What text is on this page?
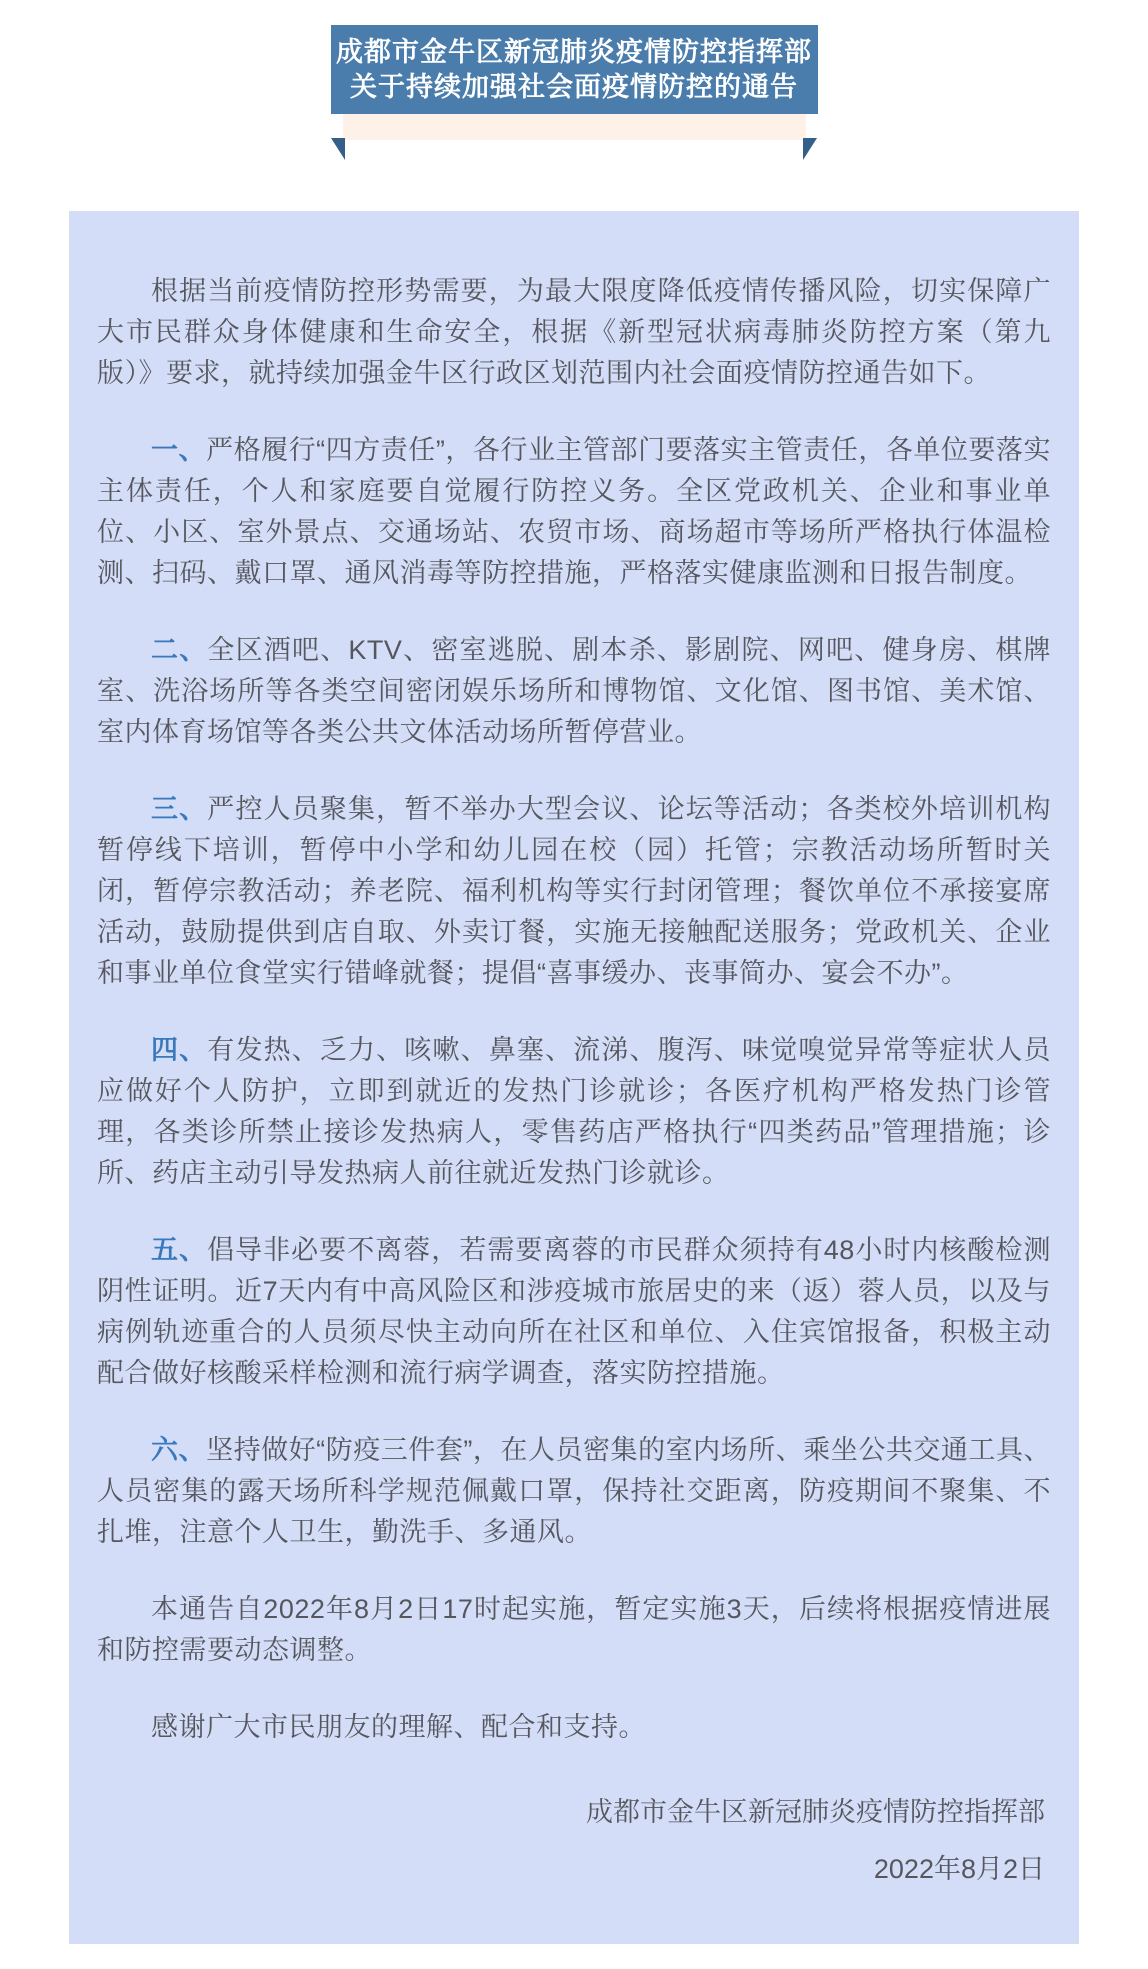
成都市金牛区新冠肺炎疫情防控指挥部
关于持续加强社会面疫情防控的通告

根据当前疫情防控形势需要，为最大限度降低疫情传播风险，切实保障广大市民群众身体健康和生命安全，根据《新型冠状病毒肺炎防控方案（第九版）》要求，就持续加强金牛区行政区划范围内社会面疫情防控通告如下。

一、严格履行“四方责任”，各行业主管部门要落实主管责任，各单位要落实主体责任，个人和家庭要自觉履行防控义务。全区党政机关、企业和事业单位、小区、室外景点、交通场站、农贸市场、商场超市等场所严格执行体温检测、扫码、戴口罩、通风消毒等防控措施，严格落实健康监测和日报告制度。

二、全区酒吧、KTV、密室逃脱、剧本杀、影剧院、网吧、健身房、棋牌室、洗浴场所等各类空间密闭娱乐场所和博物馆、文化馆、图书馆、美术馆、室内体育场馆等各类公共文体活动场所暂停营业。

三、严控人员聚集，暂不举办大型会议、论坛等活动；各类校外培训机构暂停线下培训，暂停中小学和幼儿园在校（园）托管；宗教活动场所暂时关闭，暂停宗教活动；养老院、福利机构等实行封闭管理；餐饮单位不承接宴席活动，鼓励提供到店自取、外卖订餐，实施无接触配送服务；党政机关、企业和事业单位食堂实行错峰就餐；提倡“喜事缓办、丧事简办、宴会不办”。

四、有发热、乏力、咳嗽、鼻塞、流涕、腹泻、味觉嗅觉异常等症状人员应做好个人防护，立即到就近的发热门诊就诊；各医疗机构严格发热门诊管理，各类诊所禁止接诊发热病人，零售药店严格执行“四类药品”管理措施；诊所、药店主动引导发热病人前往就近发热门诊就诊。

五、倡导非必要不离蓉，若需要离蓉的市民群众须持有48小时内核酸检测阴性证明。近7天内有中高风险区和涉疫城市旅居史的来（返）蓉人员，以及与病例轨迹重合的人员须尽快主动向所在社区和单位、入住宾馆报备，积极主动配合做好核酸采样检测和流行病学调查，落实防控措施。

六、坚持做好“防疫三件套”，在人员密集的室内场所、乘坐公共交通工具、人员密集的露天场所科学规范佩戴口罩，保持社交距离，防疫期间不聚集、不扎堆，注意个人卫生，勤洗手、多通风。

本通告自2022年8月2日17时起实施，暂定实施3天，后续将根据疫情进展和防控需要动态调整。

感谢广大市民朋友的理解、配合和支持。

成都市金牛区新冠肺炎疫情防控指挥部

2022年8月2日
